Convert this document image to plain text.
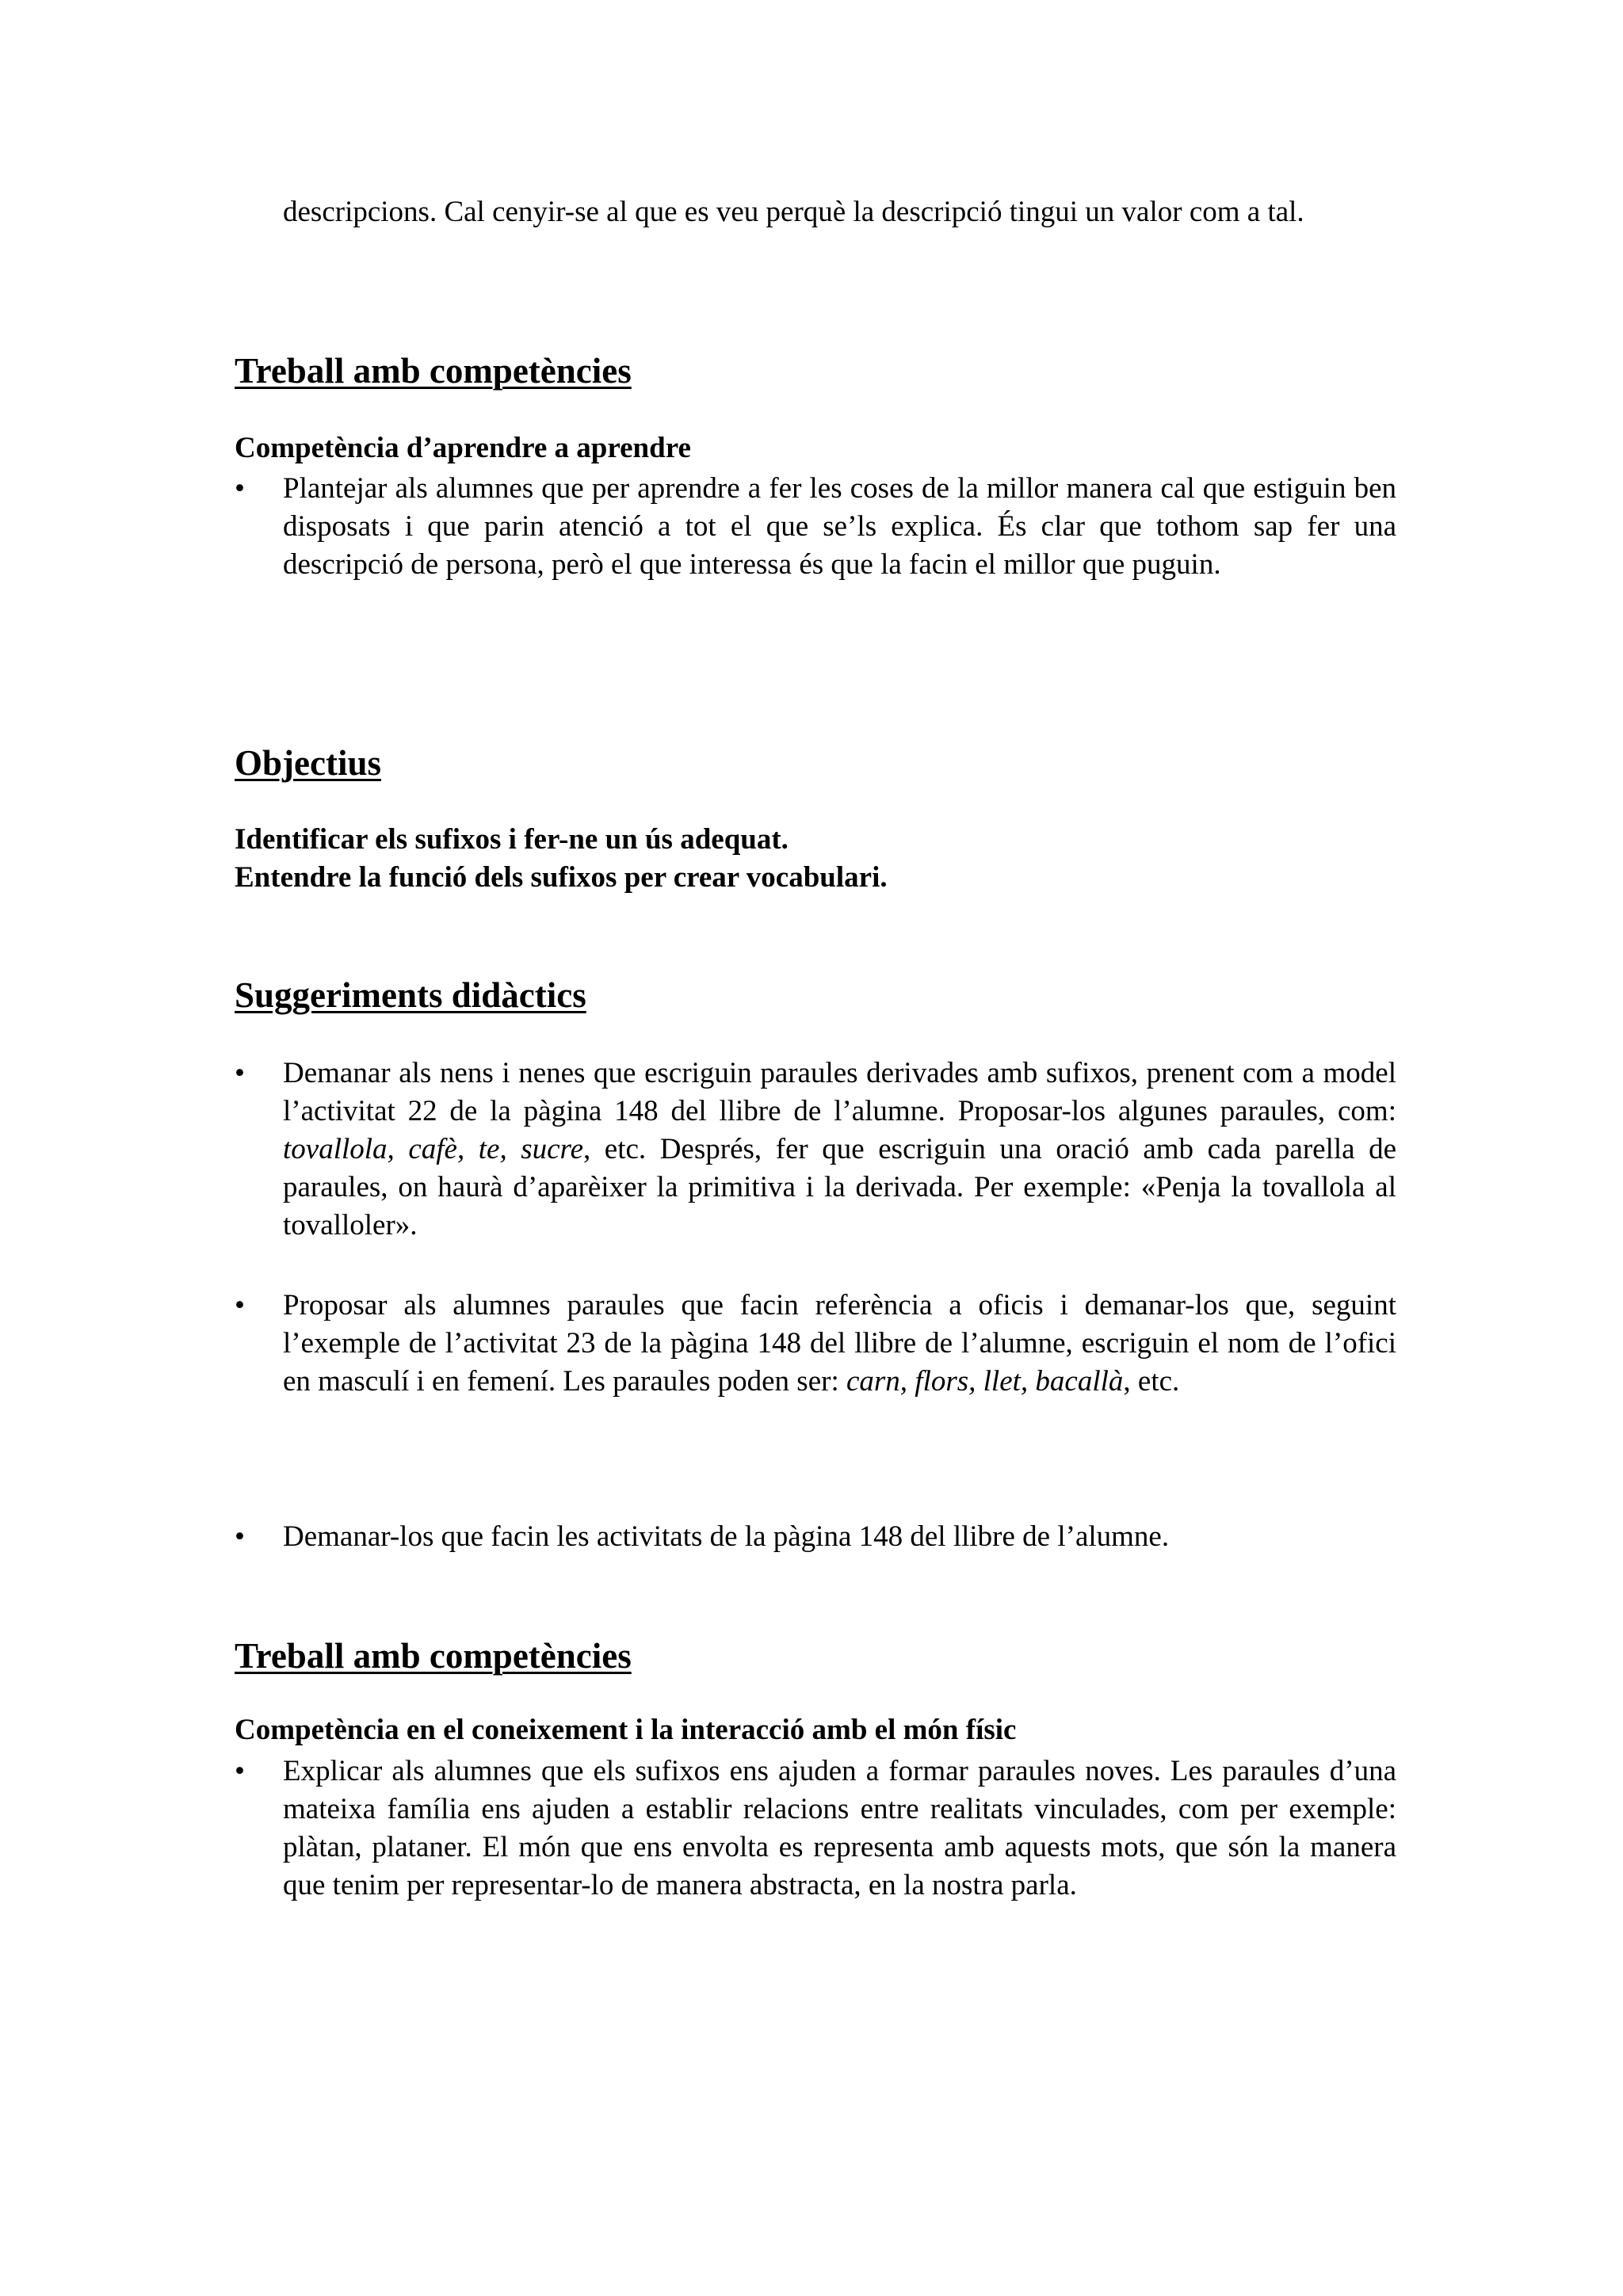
descripcions. Cal cenyir-se al que es veu perquè la descripció tingui un valor com a tal.
Treball amb competències
Competència d’aprendre a aprendre
•	Plantejar als alumnes que per aprendre a fer les coses de la millor manera cal que estiguin ben disposats i que parin atenció a tot el que se’ls explica. És clar que tothom sap fer una descripció de persona, però el que interessa és que la facin el millor que puguin.
Objectius
Identificar els sufixos i fer-ne un ús adequat.
Entendre la funció dels sufixos per crear vocabulari.
Suggeriments didàctics
•	Demanar als nens i nenes que escriguin paraules derivades amb sufixos, prenent com a model l’activitat 22 de la pàgina 148 del llibre de l’alumne. Proposar-los algunes paraules, com: tovallola, cafè, te, sucre, etc. Després, fer que escriguin una oració amb cada parella de paraules, on haurà d’aparèixer la primitiva i la derivada. Per exemple: «Penja la tovallola al tovalloler».
•	Proposar als alumnes paraules que facin referència a oficis i demanar-los que, seguint l’exemple de l’activitat 23 de la pàgina 148 del llibre de l’alumne, escriguin el nom de l’ofici en masculí i en femení. Les paraules poden ser: carn, flors, llet, bacallà, etc.
•	Demanar-los que facin les activitats de la pàgina 148 del llibre de l’alumne.
Treball amb competències
Competència en el coneixement i la interacció amb el món físic
•	Explicar als alumnes que els sufixos ens ajuden a formar paraules noves. Les paraules d’una mateixa família ens ajuden a establir relacions entre realitats vinculades, com per exemple: plàtan, plataner. El món que ens envolta es representa amb aquests mots, que són la manera que tenim per representar-lo de manera abstracta, en la nostra parla.
